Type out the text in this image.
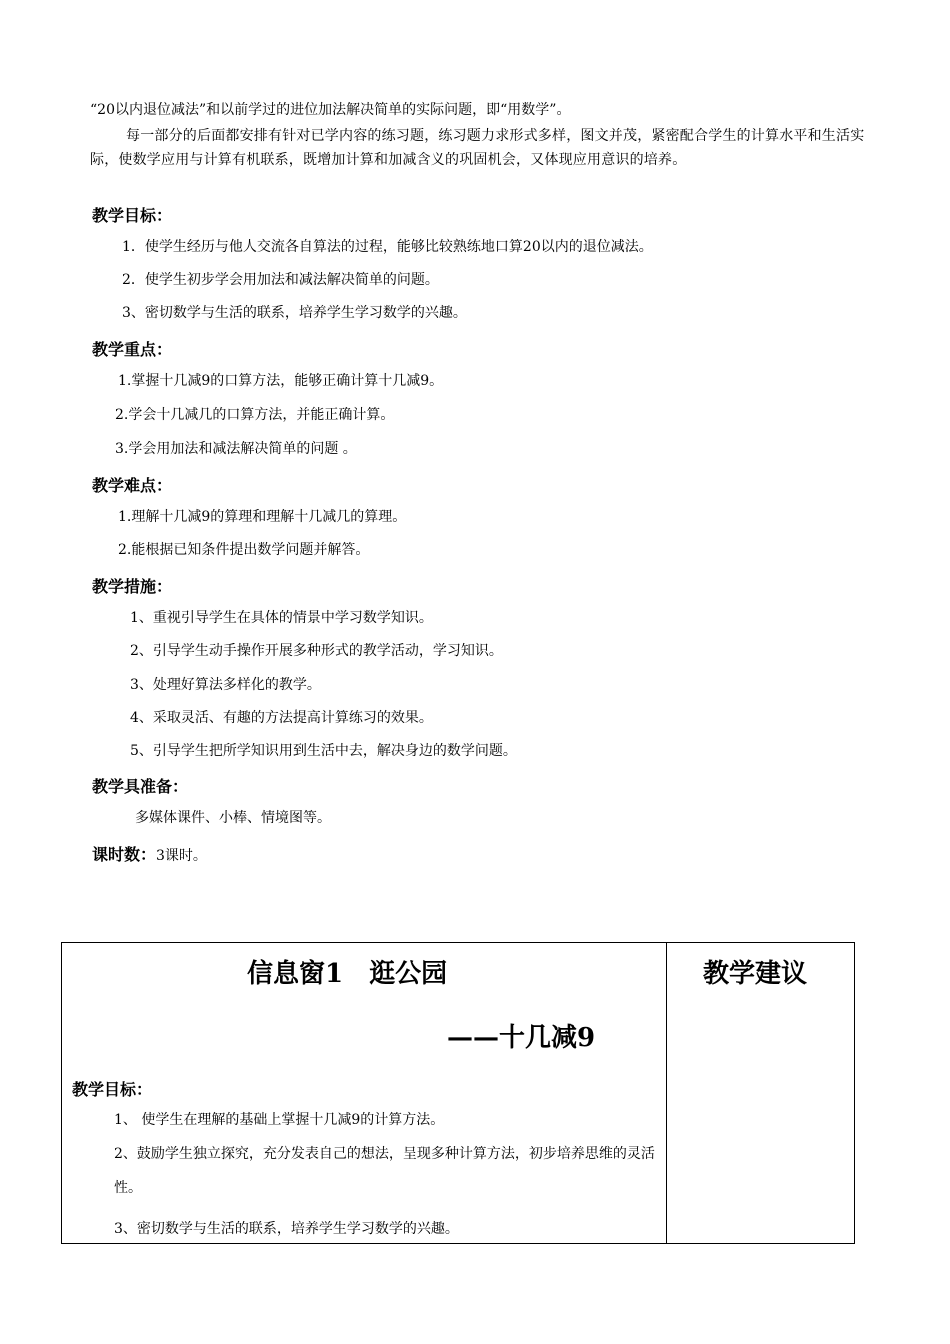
“20以内退位减法”和以前学过的进位加法解决简单的实际问题，即“用数学”。
每一部分的后面都安排有针对已学内容的练习题，练习题力求形式多样，图文并茂，紧密配合学生的计算水平和生活实际，使数学应用与计算有机联系，既增加计算和加减含义的巩固机会，又体现应用意识的培养。
教学目标：
1．使学生经历与他人交流各自算法的过程，能够比较熟练地口算20以内的退位减法。
2．使学生初步学会用加法和减法解决简单的问题。
3、密切数学与生活的联系，培养学生学习数学的兴趣。
教学重点：
1.掌握十几减9的口算方法，能够正确计算十几减9。
2.学会十几减几的口算方法，并能正确计算。
3.学会用加法和减法解决简单的问题 。
教学难点：
1.理解十几减9的算理和理解十几减几的算理。
2.能根据已知条件提出数学问题并解答。
教学措施：
1、重视引导学生在具体的情景中学习数学知识。
2、引导学生动手操作开展多种形式的教学活动，学习知识。
3、处理好算法多样化的教学。
4、采取灵活、有趣的方法提高计算练习的效果。
5、引导学生把所学知识用到生活中去，解决身边的数学问题。
教学具准备：
多媒体课件、小棒、情境图等。
课时数：3课时。
信息窗1　逛公园
——十几减9
教学目标：
1、 使学生在理解的基础上掌握十几减9的计算方法。
2、鼓励学生独立探究，充分发表自己的想法，呈现多种计算方法，初步培养思维的灵活性。
3、密切数学与生活的联系，培养学生学习数学的兴趣。

教学建议
